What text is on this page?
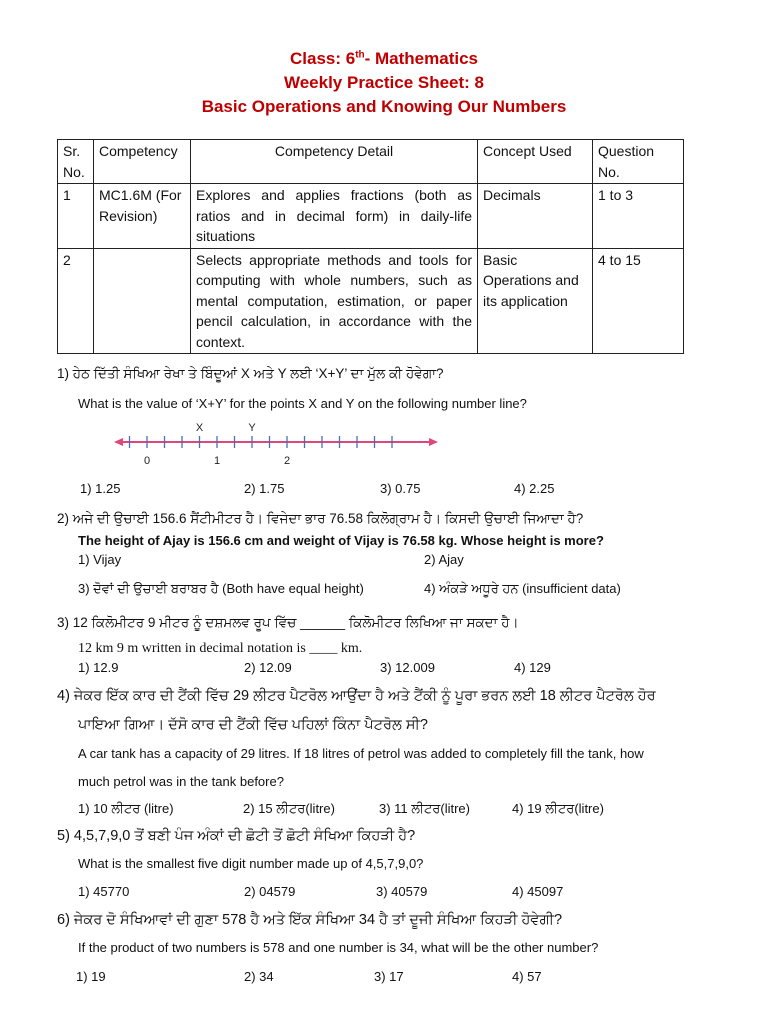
Class: 6th- Mathematics
Weekly Practice Sheet: 8
Basic Operations and Knowing Our Numbers
Sr. No.	Competency	Competency Detail	Concept Used	Question No.
1	MC1.6M (For Revision)	Explores and applies fractions (both as ratios and in decimal form) in daily-life situations	Decimals	1 to 3
2		Selects appropriate methods and tools for computing with whole numbers, such as mental computation, estimation, or paper pencil calculation, in accordance with the context.	Basic Operations and its application	4 to 15
1) ਹੇਠ ਦਿੱਤੀ ਸੰਖਿਆ ਰੇਖਾ ਤੇ ਬਿੰਦੂਆਂ X ਅਤੇ Y ਲਈ ‘X+Y’ ਦਾ ਮੁੱਲ ਕੀ ਹੋਵੇਗਾ?
What is the value of ‘X+Y’ for the points X and Y on the following number line?
0	1	2
X	Y
1) 1.25	2) 1.75	3) 0.75	4) 2.25
2) ਅਜੇ ਦੀ ਉਚਾਈ 156.6 ਸੈਂਟੀਮੀਟਰ ਹੈ। ਵਿਜੇਦਾ ਭਾਰ 76.58 ਕਿਲੋਗ੍ਰਾਮ ਹੈ। ਕਿਸਦੀ ਉਚਾਈ ਜਿਆਦਾ ਹੈ?
The height of Ajay is 156.6 cm and weight of Vijay is 76.58 kg. Whose height is more?
1) Vijay	2) Ajay
3) ਦੋਵਾਂ ਦੀ ਉਚਾਈ ਬਰਾਬਰ ਹੈ (Both have equal height)	4) ਅੰਕੜੇ ਅਧੂਰੇ ਹਨ (insufficient data)
3) 12 ਕਿਲੋਮੀਟਰ 9 ਮੀਟਰ ਨੂੰ ਦਸ਼ਮਲਵ ਰੂਪ ਵਿੱਚ ______ ਕਿਲੋਮੀਟਰ ਲਿਖਿਆ ਜਾ ਸਕਦਾ ਹੈ।
12 km 9 m written in decimal notation is ____ km.
1) 12.9	2) 12.09	3) 12.009	4) 129
4) ਜੇਕਰ ਇੱਕ ਕਾਰ ਦੀ ਟੈਂਕੀ ਵਿੱਚ 29 ਲੀਟਰ ਪੈਟਰੋਲ ਆਉਂਦਾ ਹੈ ਅਤੇ ਟੈਂਕੀ ਨੂੰ ਪੂਰਾ ਭਰਨ ਲਈ 18 ਲੀਟਰ ਪੈਟਰੋਲ ਹੋਰ
ਪਾਇਆ ਗਿਆ। ਦੱਸੋ ਕਾਰ ਦੀ ਟੈਂਕੀ ਵਿੱਚ ਪਹਿਲਾਂ ਕਿੰਨਾ ਪੈਟਰੋਲ ਸੀ?
A car tank has a capacity of 29 litres. If 18 litres of petrol was added to completely fill the tank, how
much petrol was in the tank before?
1) 10 ਲੀਟਰ (litre)	2) 15 ਲੀਟਰ(litre)	3) 11 ਲੀਟਰ(litre)	4) 19 ਲੀਟਰ(litre)
5) 4,5,7,9,0 ਤੋਂ ਬਣੀ ਪੰਜ ਅੰਕਾਂ ਦੀ ਛੋਟੀ ਤੋਂ ਛੋਟੀ ਸੰਖਿਆ ਕਿਹੜੀ ਹੈ?
What is the smallest five digit number made up of 4,5,7,9,0?
1) 45770	2) 04579	3) 40579	4) 45097
6) ਜੇਕਰ ਦੋ ਸੰਖਿਆਵਾਂ ਦੀ ਗੁਣਾ 578 ਹੈ ਅਤੇ ਇੱਕ ਸੰਖਿਆ 34 ਹੈ ਤਾਂ ਦੂਜੀ ਸੰਖਿਆ ਕਿਹੜੀ ਹੋਵੇਗੀ?
If the product of two numbers is 578 and one number is 34, what will be the other number?
1) 19	2) 34	3) 17	4) 57
